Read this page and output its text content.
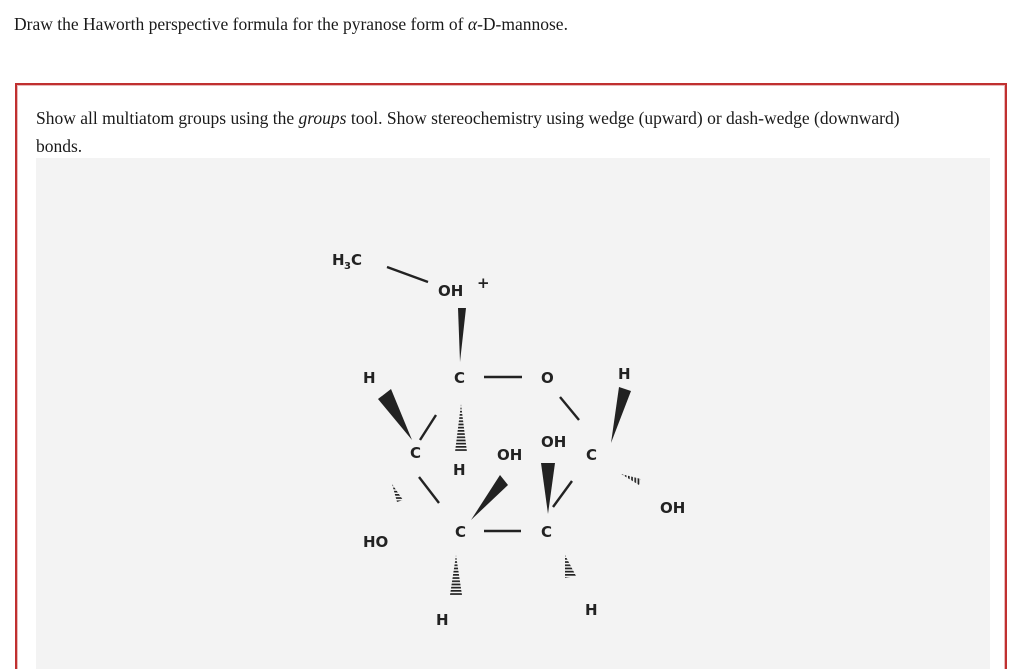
Draw the Haworth perspective formula for the pyranose form of α-D-mannose.
Show all multiatom groups using the groups tool. Show stereochemistry using wedge (upward) or dash-wedge (downward) bonds.
H 3 C
OH +
H	C	O	H
C
H
OH
OH
C
OH
HO
C	C
H
H
